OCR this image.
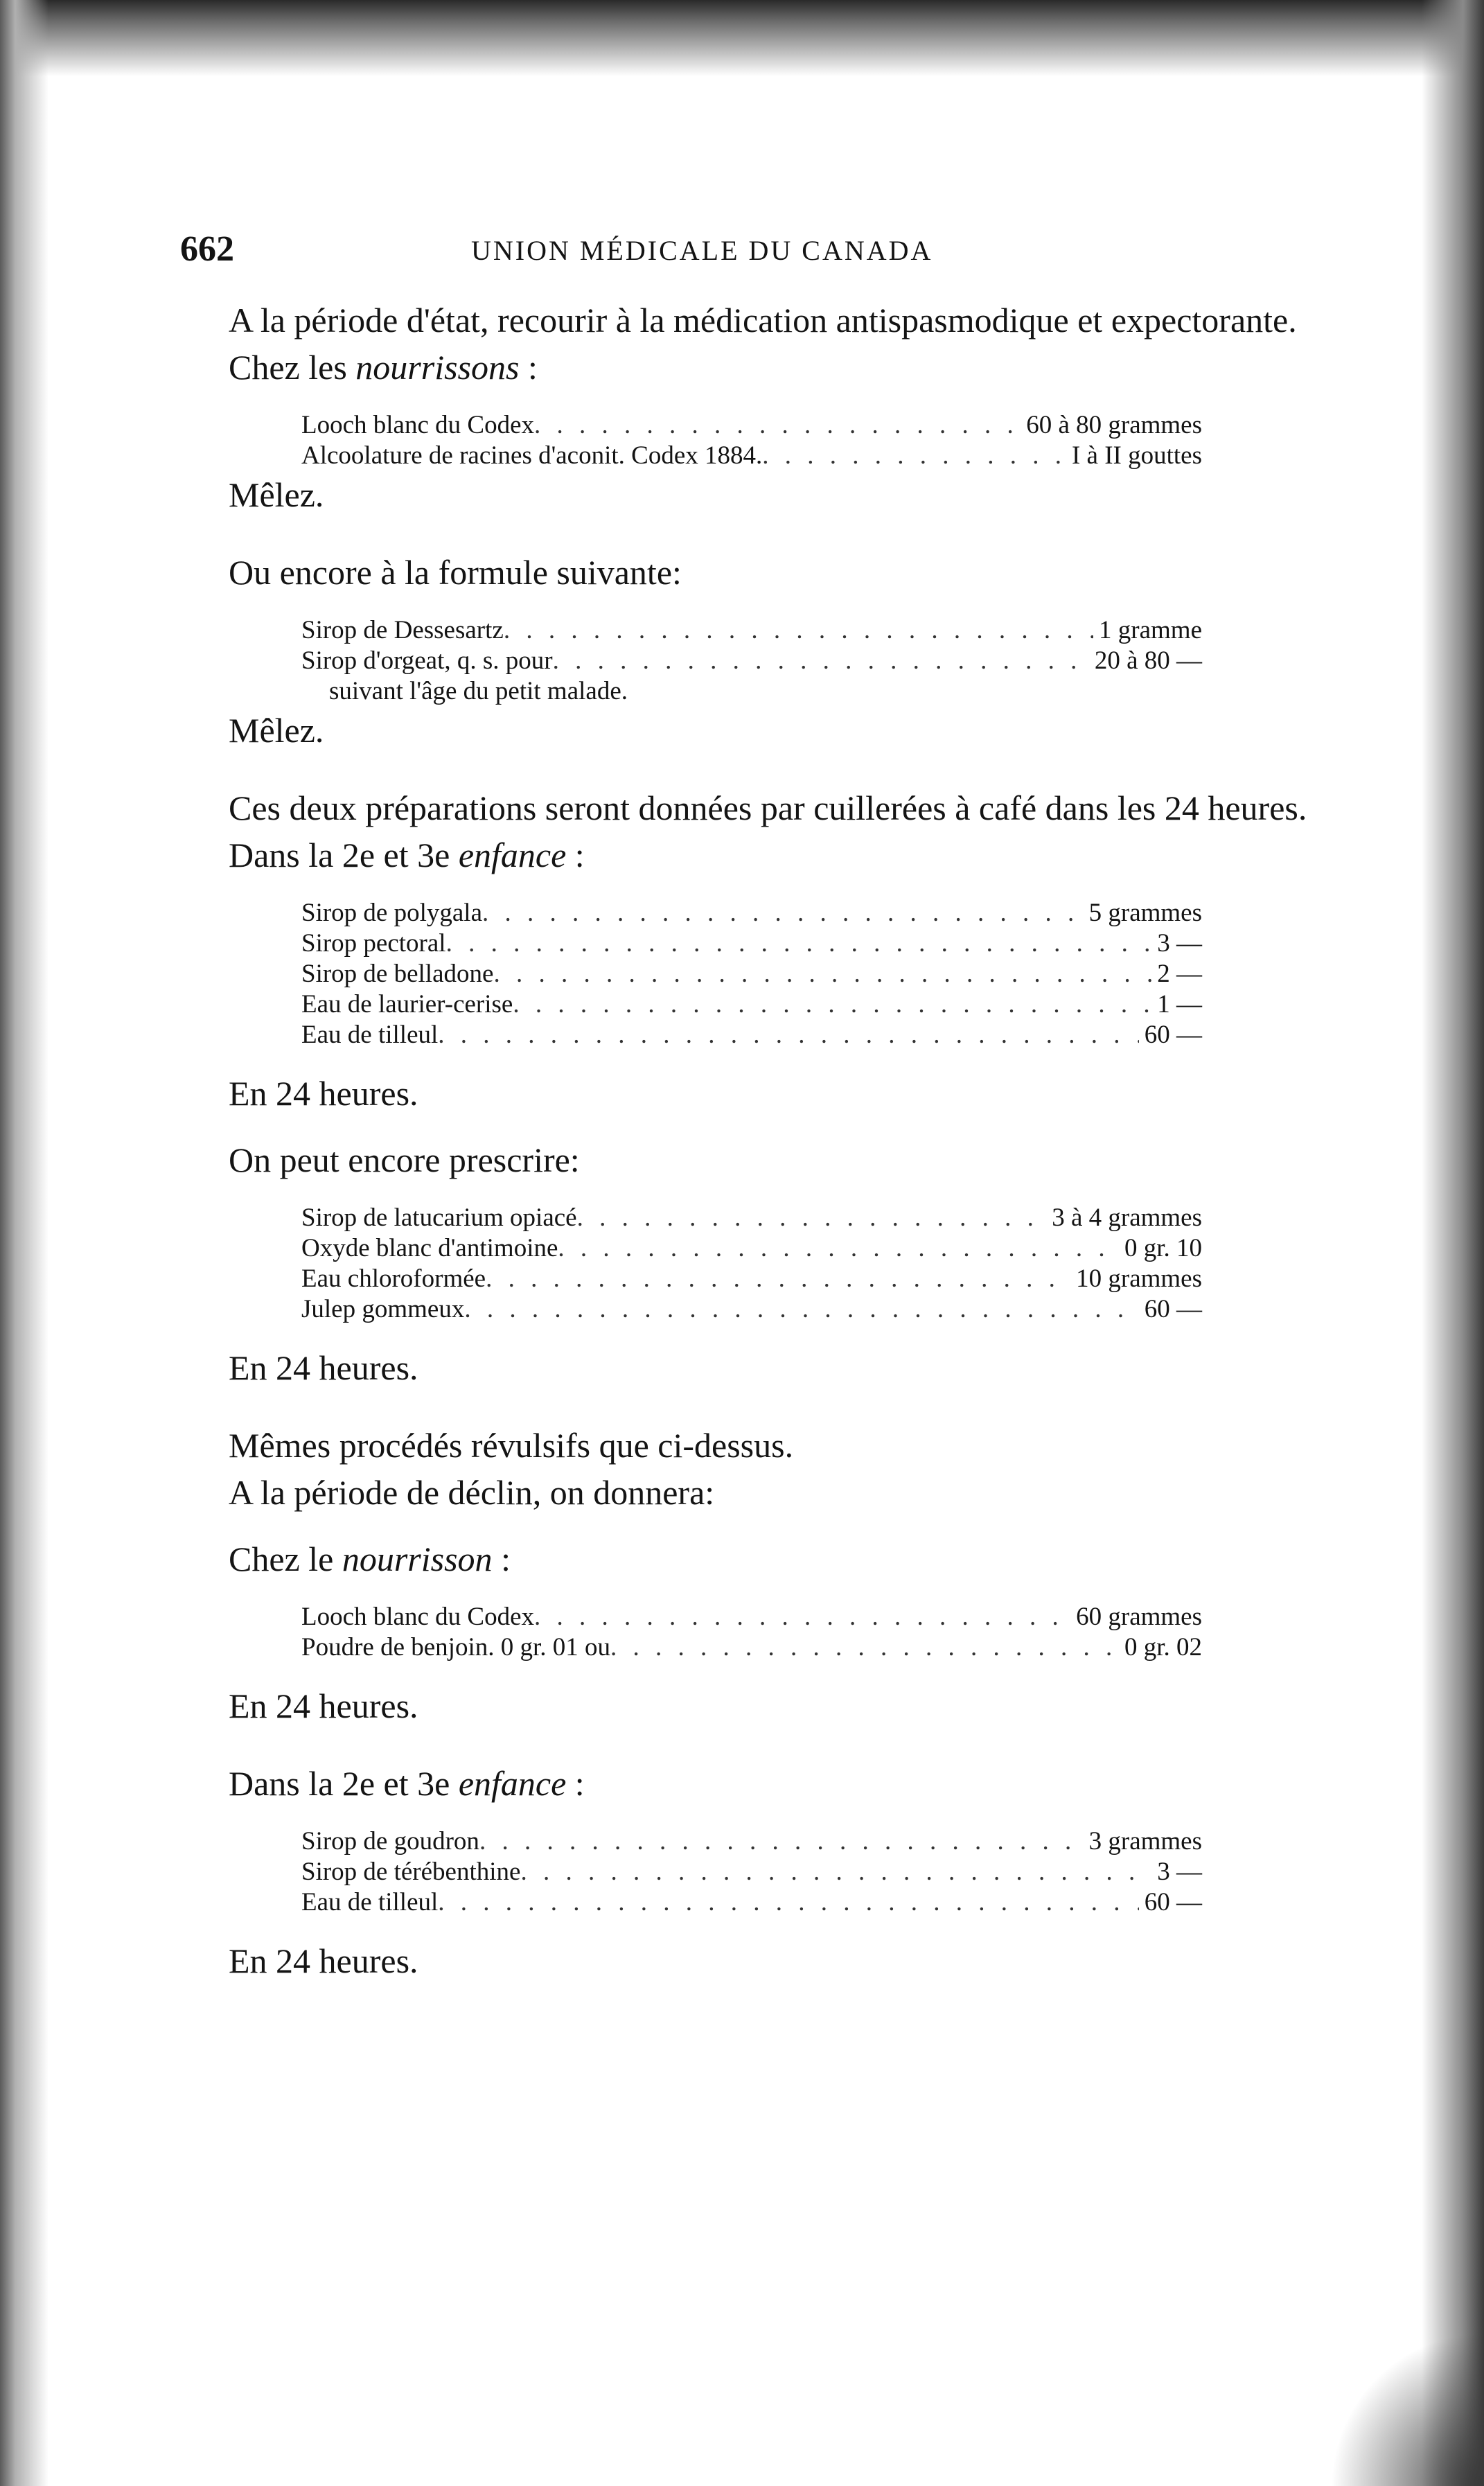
662	UNION MÉDICALE DU CANADA

A la période d'état, recourir à la médication antispasmodique et expectorante.

Chez les nourrissons :

Looch blanc du Codex . . .	60 à 80 grammes
Alcoolature de racines d'aconit. Codex 1884. . . .	I à II gouttes

Mêlez.

Ou encore à la formule suivante:

Sirop de Dessesartz . . .	1 gramme
Sirop d'orgeat, q. s. pour . . .	20 à 80 —
suivant l'âge du petit malade.

Mêlez.

Ces deux préparations seront données par cuillerées à café dans les 24 heures.

Dans la 2e et 3e enfance :

Sirop de polygala . . .	5 grammes
Sirop pectoral . . .	3 —
Sirop de belladone . . .	2 —
Eau de laurier-cerise . . .	1 —
Eau de tilleul . . .	60 —

En 24 heures.

On peut encore prescrire:

Sirop de latucarium opiacé . . .	3 à 4 grammes
Oxyde blanc d'antimoine . . .	0 gr. 10
Eau chloroformée . . .	10 grammes
Julep gommeux . . .	60 —

En 24 heures.

Mêmes procédés révulsifs que ci-dessus.

A la période de déclin, on donnera:

Chez le nourrisson :

Looch blanc du Codex . . .	60 grammes
Poudre de benjoin. 0 gr. 01 ou . . .	0 gr. 02

En 24 heures.

Dans la 2e et 3e enfance :

Sirop de goudron . . .	3 grammes
Sirop de térébenthine . . .	3 —
Eau de tilleul . . .	60 —

En 24 heures.
